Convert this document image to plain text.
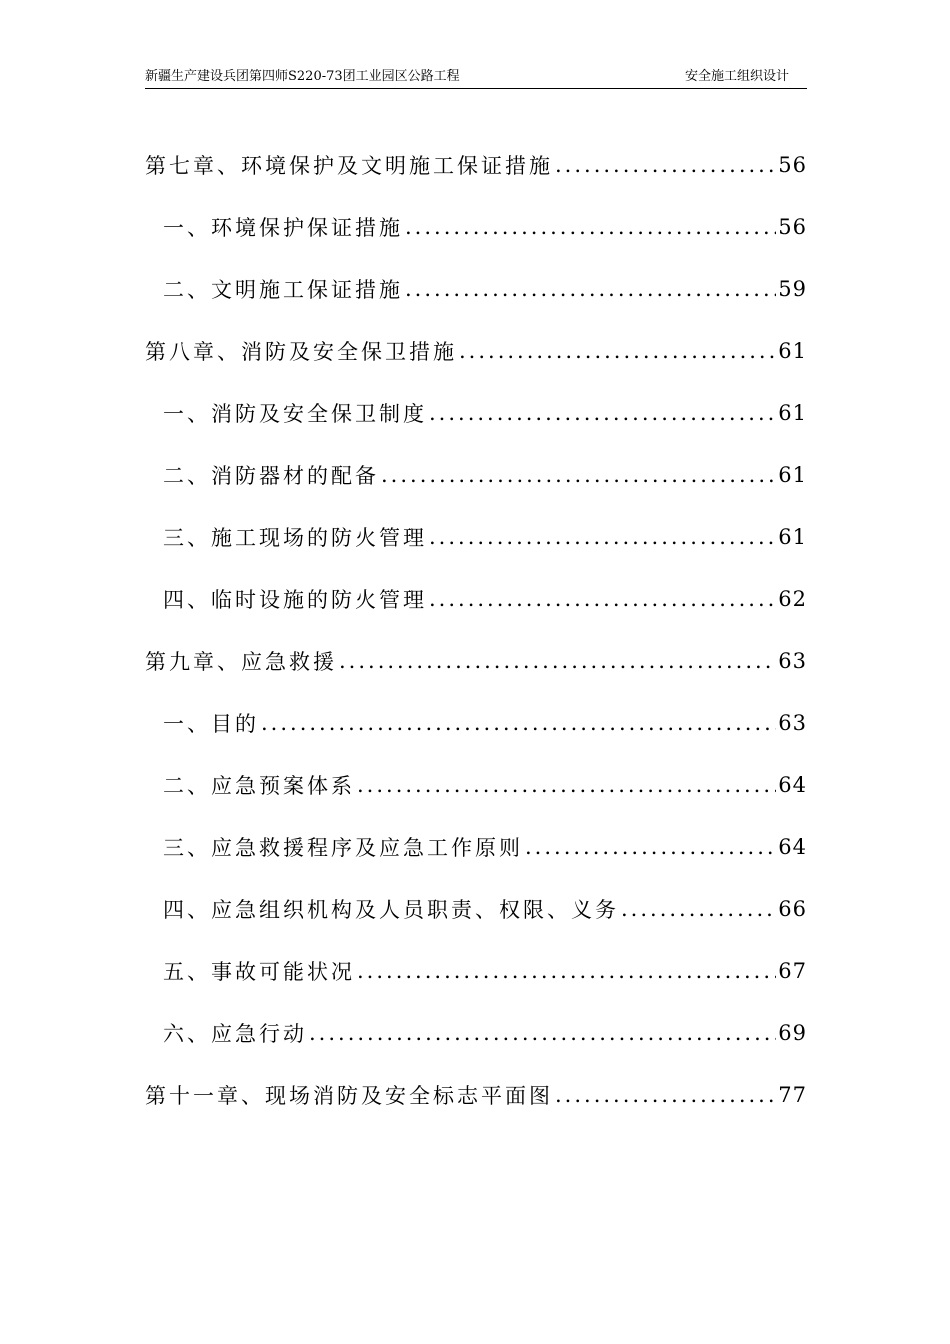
新疆生产建设兵团第四师S220-73团工业园区公路工程	安全施工组织设计
第七章、环境保护及文明施工保证措施 .....	56
一、环境保护保证措施 .....	56
二、文明施工保证措施 .....	59
第八章、消防及安全保卫措施 .....	61
一、消防及安全保卫制度 .....	61
二、消防器材的配备 .....	61
三、施工现场的防火管理 .....	61
四、临时设施的防火管理 .....	62
第九章、应急救援 .....	63
一、目的 .....	63
二、应急预案体系 .....	64
三、应急救援程序及应急工作原则 .....	64
四、应急组织机构及人员职责、权限、义务 .....	66
五、事故可能状况 .....	67
六、应急行动 .....	69
第十一章、现场消防及安全标志平面图 .....	77
